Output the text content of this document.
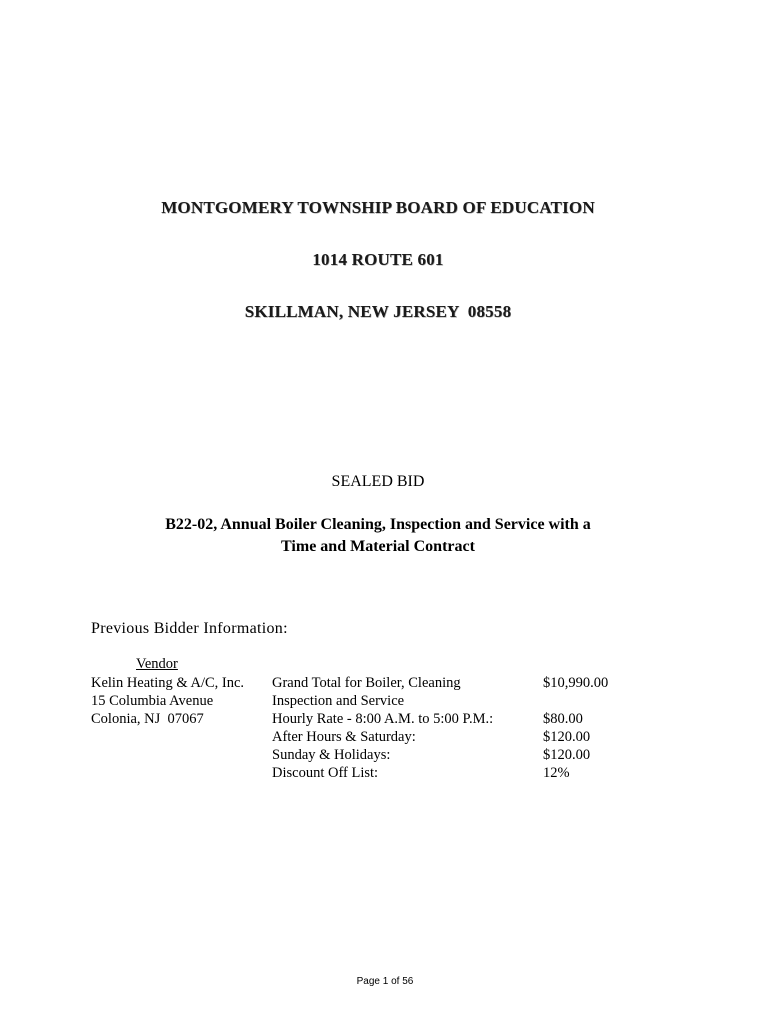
MONTGOMERY TOWNSHIP BOARD OF EDUCATION
1014 ROUTE 601
SKILLMAN, NEW JERSEY  08558
SEALED BID
B22-02, Annual Boiler Cleaning, Inspection and Service with a
Time and Material Contract
Previous Bidder Information:
Vendor
Kelin Heating & A/C, Inc.
15 Columbia Avenue
Colonia, NJ  07067
Grand Total for Boiler, Cleaning
Inspection and Service
Hourly Rate - 8:00 A.M. to 5:00 P.M.:
After Hours & Saturday:
Sunday & Holidays:
Discount Off List:
$10,990.00
$80.00
$120.00
$120.00
12%
Page 1 of 56
